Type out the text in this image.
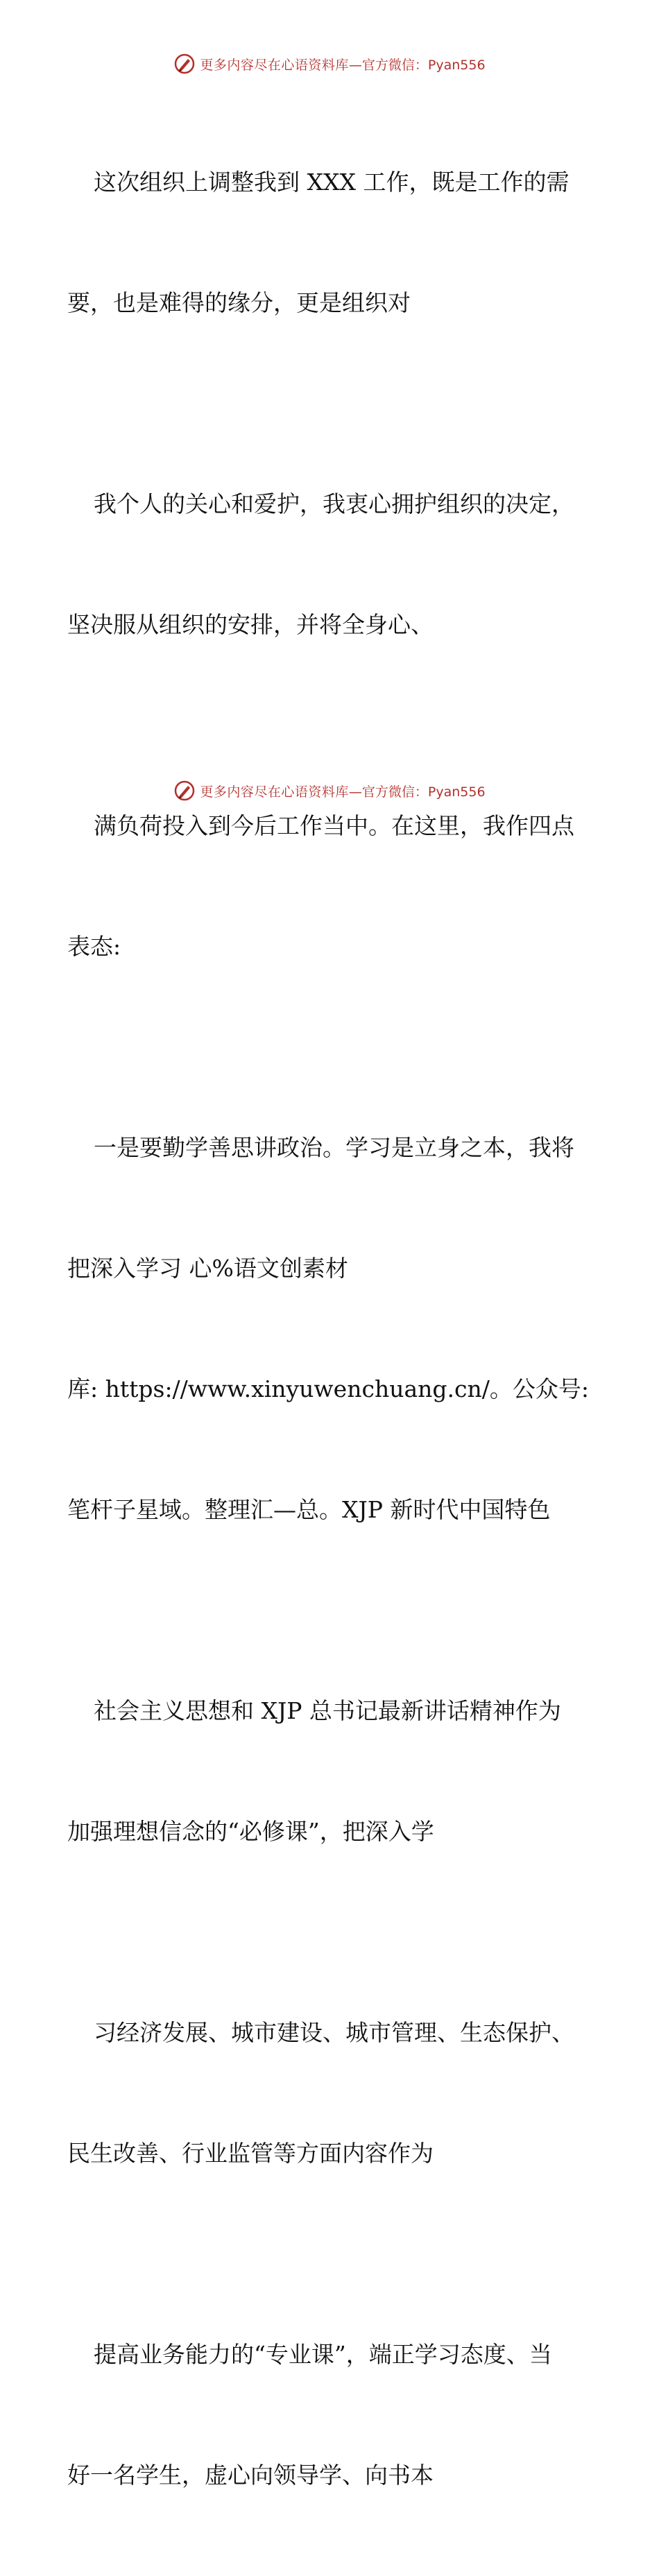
更多内容尽在心语资料库 —官方微信：Pyan556

这次组织上调整我到 XXX 工作，既是工作的需

要，也是难得的缘分，更是组织对

我个人的关心和爱护，我衷心拥护组织的决定，

坚决服从组织的安排，并将全身心、

满负荷投入到今后工作当中。在这里，我作四点

表态:

一是要勤学善思讲政治。学习是立身之本，我将

把深入学习 心%语文创素材

库: https://www.xinyuwenchuang.cn/。公众号:

笔杆子星域。整理汇—总。XJP 新时代中国特色

社会主义思想和 XJP 总书记最新讲话精神作为

加强理想信念的“必修课”，把深入学

习经济发展、城市建设、城市管理、生态保护、

民生改善、行业监管等方面内容作为

提高业务能力的“专业课”，端正学习态度、当

好一名学生，虚心向领导学、向书本

更多内容尽在心语资料库 —官方微信：Pyan556
